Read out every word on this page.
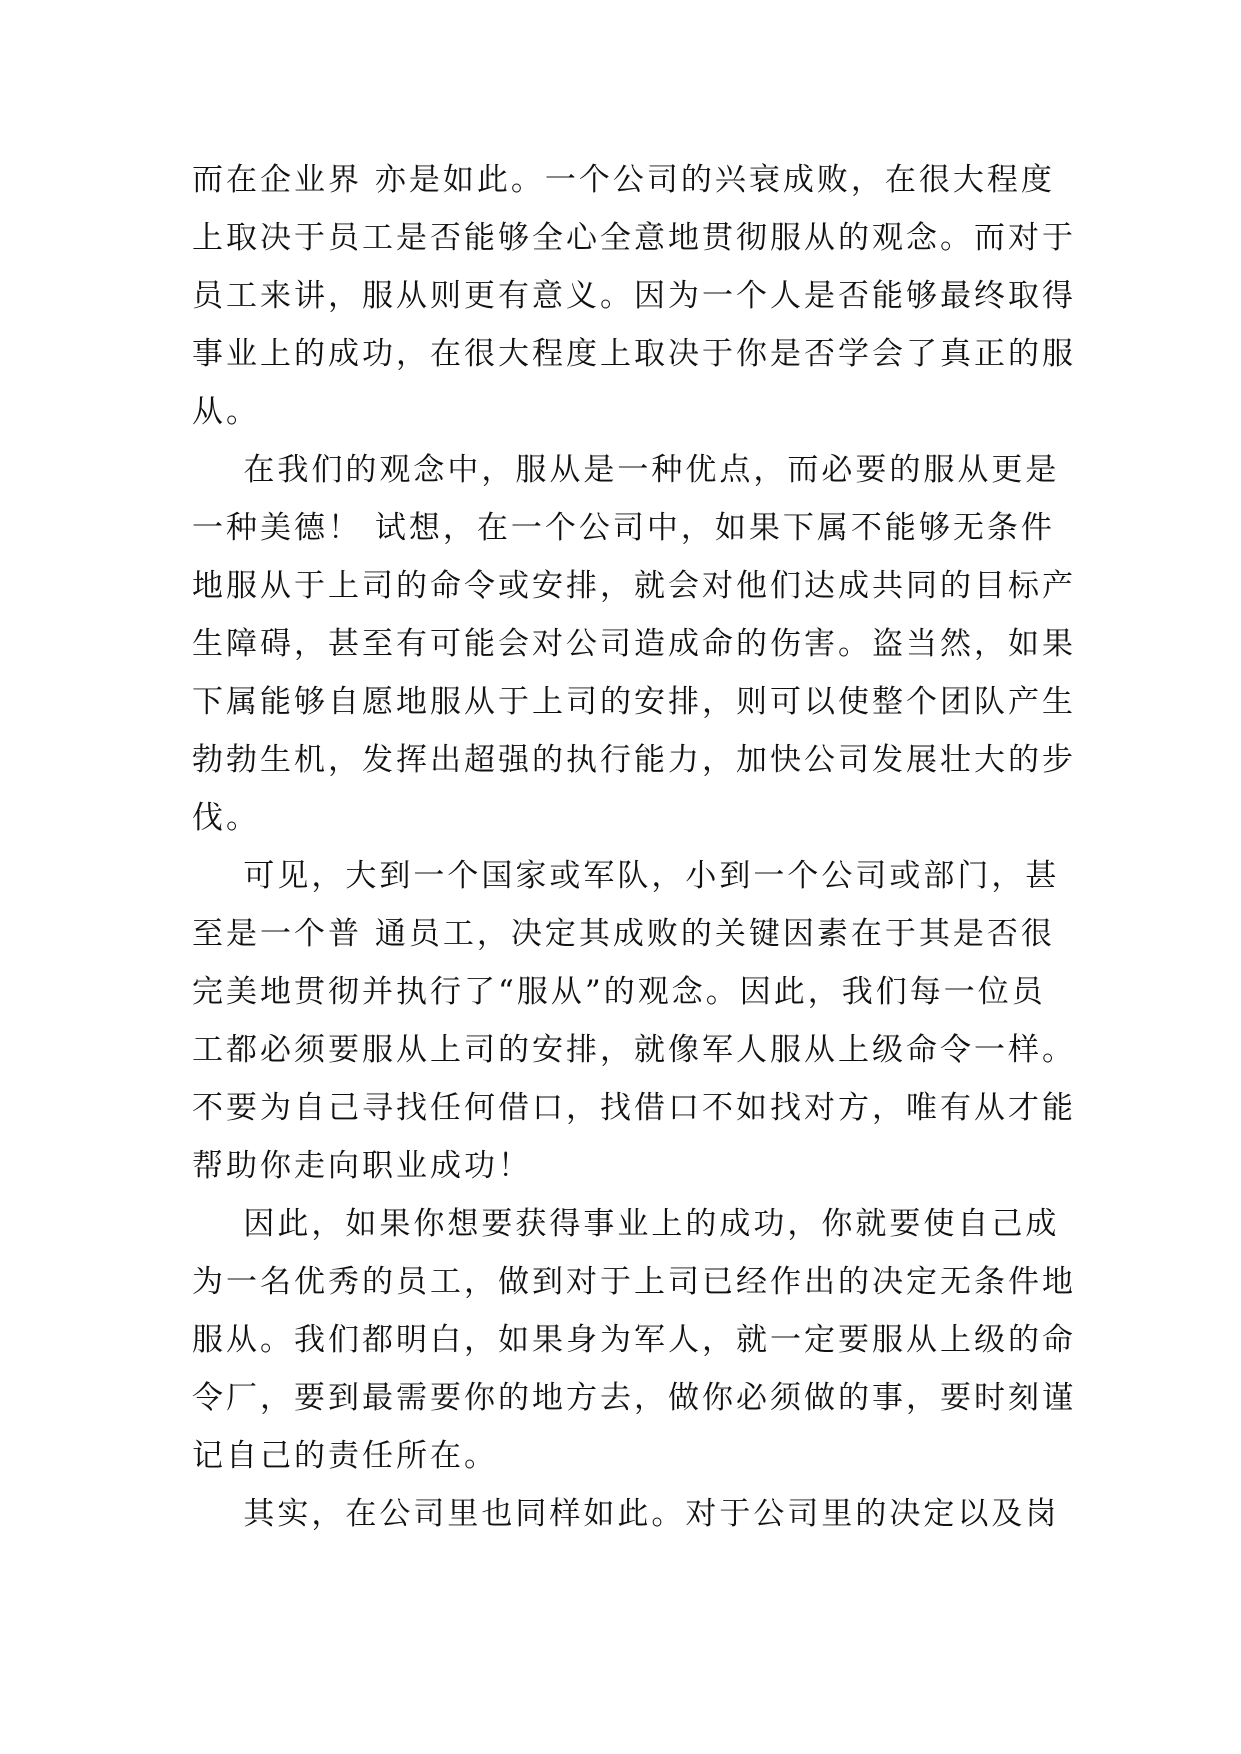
而在企业界 亦是如此。一个公司的兴衰成败，在很大程度
上取决于员工是否能够全心全意地贯彻服从的观念。而对于
员工来讲，服从则更有意义。因为一个人是否能够最终取得
事业上的成功，在很大程度上取决于你是否学会了真正的服
从。
在我们的观念中，服从是一种优点，而必要的服从更是
一种美德！ 试想，在一个公司中，如果下属不能够无条件
地服从于上司的命令或安排，就会对他们达成共同的目标产
生障碍，甚至有可能会对公司造成命的伤害。盗当然，如果
下属能够自愿地服从于上司的安排，则可以使整个团队产生
勃勃生机，发挥出超强的执行能力，加快公司发展壮大的步
伐。
可见，大到一个国家或军队，小到一个公司或部门，甚
至是一个普 通员工，决定其成败的关键因素在于其是否很
完美地贯彻并执行了“服从”的观念。因此，我们每一位员
工都必须要服从上司的安排，就像军人服从上级命令一样。
不要为自己寻找任何借口，找借口不如找对方，唯有从才能
帮助你走向职业成功！
因此，如果你想要获得事业上的成功，你就要使自己成
为一名优秀的员工，做到对于上司已经作出的决定无条件地
服从。我们都明白，如果身为军人，就一定要服从上级的命
令厂，要到最需要你的地方去，做你必须做的事，要时刻谨
记自己的责任所在。
其实，在公司里也同样如此。对于公司里的决定以及岗
